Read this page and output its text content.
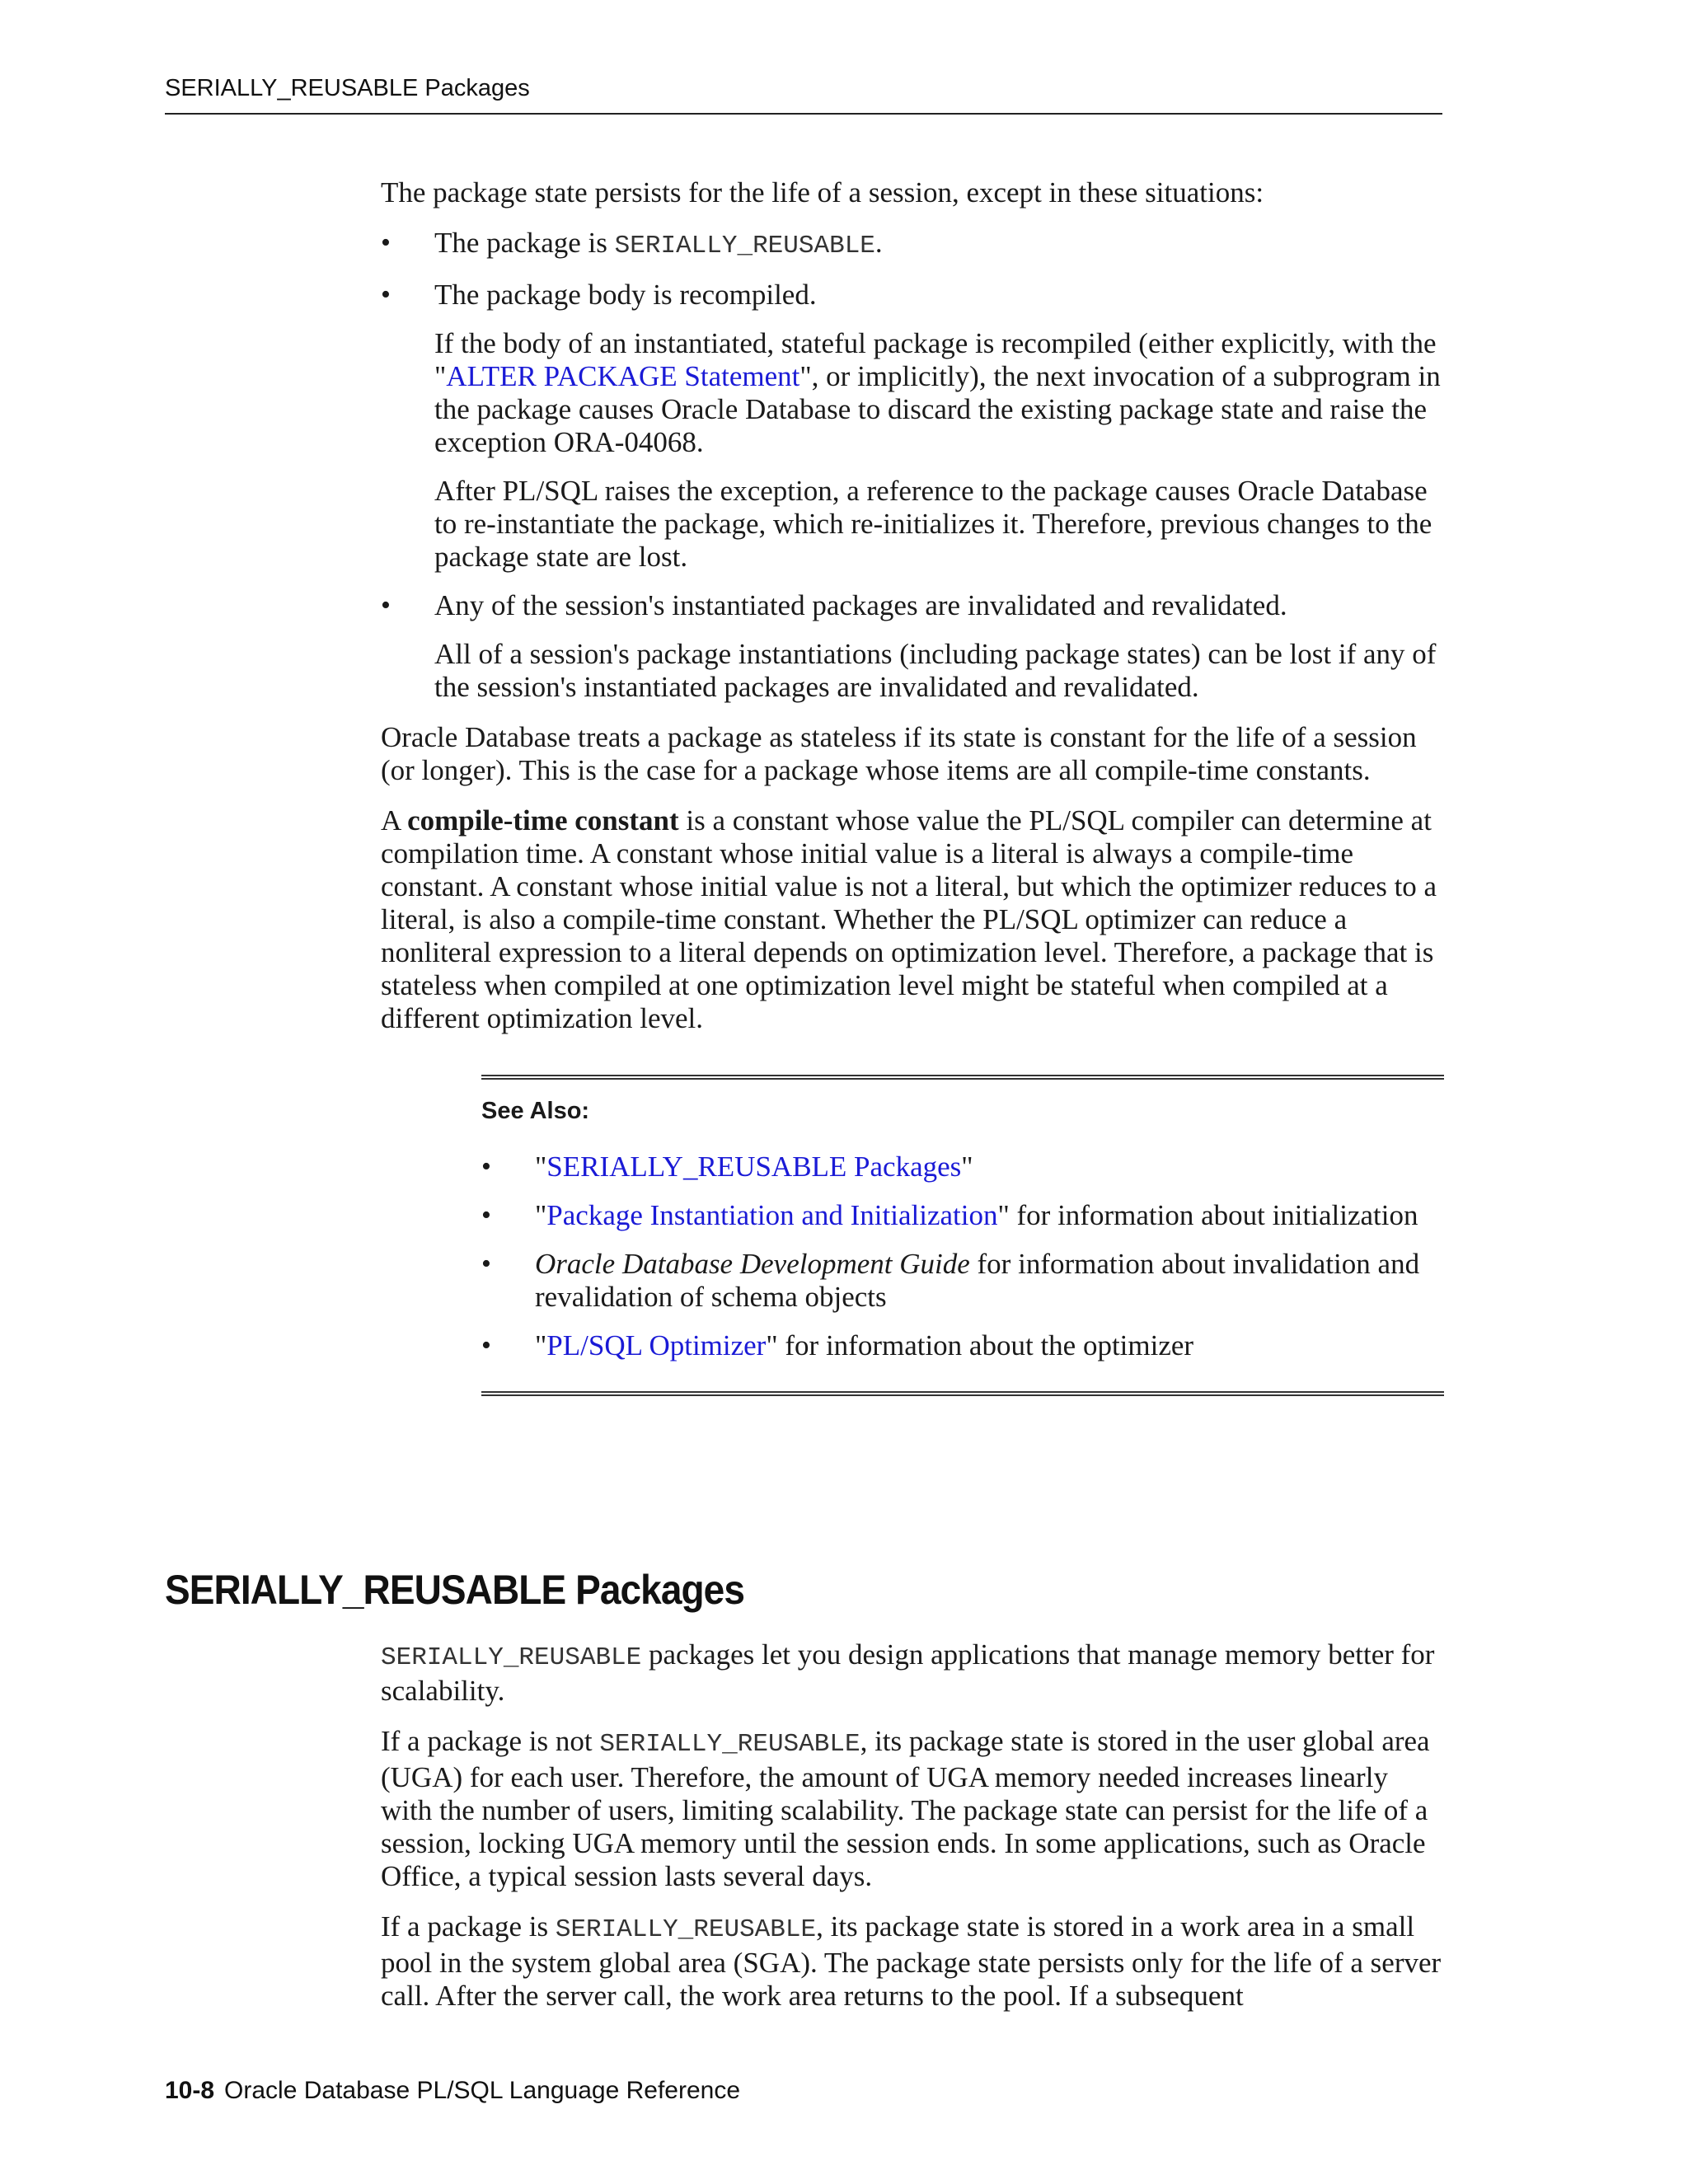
SERIALLY_REUSABLE Packages

The package state persists for the life of a session, except in these situations:

• The package is SERIALLY_REUSABLE.

• The package body is recompiled.

If the body of an instantiated, stateful package is recompiled (either explicitly, with the "ALTER PACKAGE Statement", or implicitly), the next invocation of a subprogram in the package causes Oracle Database to discard the existing package state and raise the exception ORA-04068.

After PL/SQL raises the exception, a reference to the package causes Oracle Database to re-instantiate the package, which re-initializes it. Therefore, previous changes to the package state are lost.

• Any of the session's instantiated packages are invalidated and revalidated.

All of a session's package instantiations (including package states) can be lost if any of the session's instantiated packages are invalidated and revalidated.

Oracle Database treats a package as stateless if its state is constant for the life of a session (or longer). This is the case for a package whose items are all compile-time constants.

A compile-time constant is a constant whose value the PL/SQL compiler can determine at compilation time. A constant whose initial value is a literal is always a compile-time constant. A constant whose initial value is not a literal, but which the optimizer reduces to a literal, is also a compile-time constant. Whether the PL/SQL optimizer can reduce a nonliteral expression to a literal depends on optimization level. Therefore, a package that is stateless when compiled at one optimization level might be stateful when compiled at a different optimization level.

See Also:
• "SERIALLY_REUSABLE Packages"
• "Package Instantiation and Initialization" for information about initialization
• Oracle Database Development Guide for information about invalidation and revalidation of schema objects
• "PL/SQL Optimizer" for information about the optimizer
SERIALLY_REUSABLE Packages

SERIALLY_REUSABLE packages let you design applications that manage memory better for scalability.

If a package is not SERIALLY_REUSABLE, its package state is stored in the user global area (UGA) for each user. Therefore, the amount of UGA memory needed increases linearly with the number of users, limiting scalability. The package state can persist for the life of a session, locking UGA memory until the session ends. In some applications, such as Oracle Office, a typical session lasts several days.

If a package is SERIALLY_REUSABLE, its package state is stored in a work area in a small pool in the system global area (SGA). The package state persists only for the life of a server call. After the server call, the work area returns to the pool. If a subsequent

10-8 Oracle Database PL/SQL Language Reference
